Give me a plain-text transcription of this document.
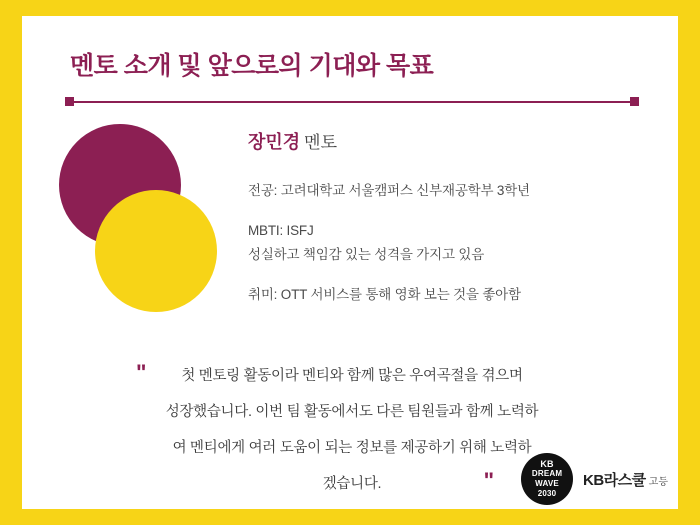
멘토 소개 및 앞으로의 기대와 목표
장민경 멘토
전공: 고려대학교 서울캠퍼스 신부재공학부 3학년
MBTI: ISFJ
성실하고 책임감 있는 성격을 가지고 있음
취미: OTT 서비스를 통해 영화 보는 것을 좋아함
"	첫 멘토링 활동이라 멘티와 함께 많은 우여곡절을 겪으며
성장했습니다. 이번 팀 활동에서도 다른 팀원들과 함께 노력하
여 멘티에게 여러 도움이 되는 정보를 제공하기 위해 노력하
겠습니다.	"
KB
DREAM
WAVE
2030
KB라스쿨 고등
